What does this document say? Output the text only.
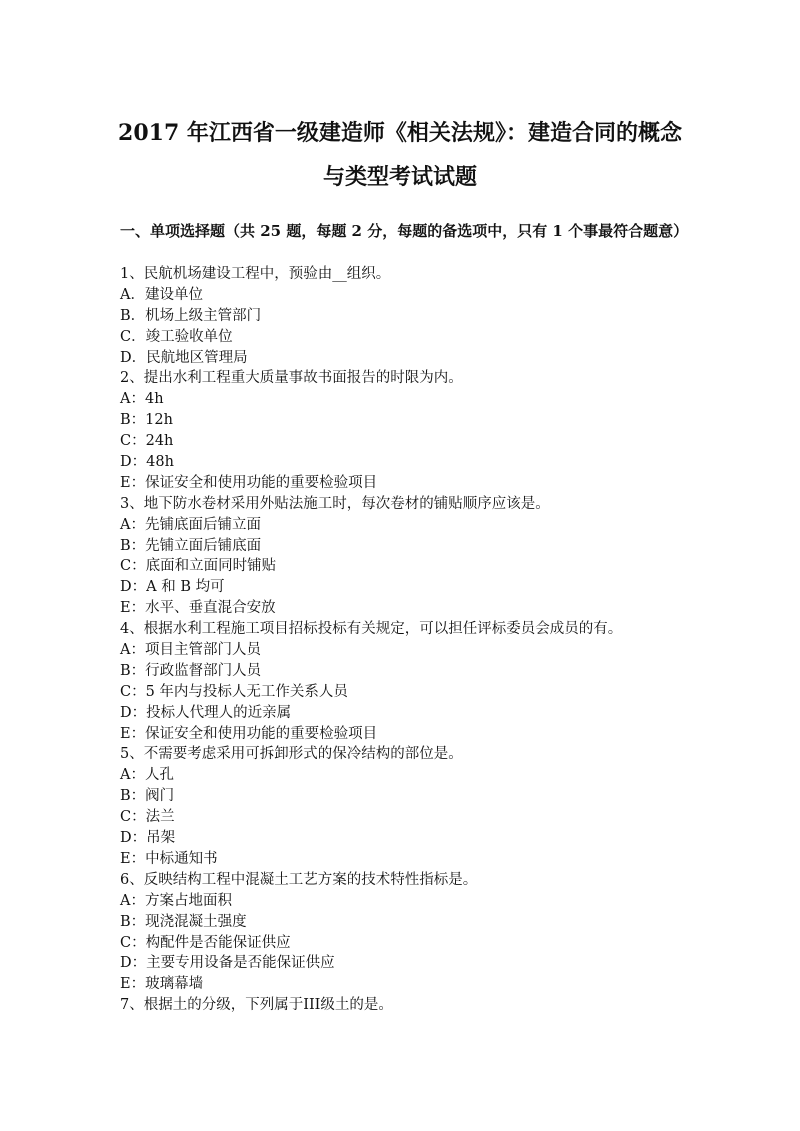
2017 年江西省一级建造师《相关法规》：建造合同的概念
与类型考试试题
一、单项选择题（共 25 题，每题 2 分，每题的备选项中，只有 1 个事最符合题意）
1、民航机场建设工程中，预验由__组织。
A．建设单位
B．机场上级主管部门
C．竣工验收单位
D．民航地区管理局
2、提出水利工程重大质量事故书面报告的时限为内。
A：4h
B：12h
C：24h
D：48h
E：保证安全和使用功能的重要检验项目
3、地下防水卷材采用外贴法施工时，每次卷材的铺贴顺序应该是。
A：先铺底面后铺立面
B：先铺立面后铺底面
C：底面和立面同时铺贴
D：A 和 B 均可
E：水平、垂直混合安放
4、根据水利工程施工项目招标投标有关规定，可以担任评标委员会成员的有。
A：项目主管部门人员
B：行政监督部门人员
C：5 年内与投标人无工作关系人员
D：投标人代理人的近亲属
E：保证安全和使用功能的重要检验项目
5、不需要考虑采用可拆卸形式的保冷结构的部位是。
A：人孔
B：阀门
C：法兰
D：吊架
E：中标通知书
6、反映结构工程中混凝土工艺方案的技术特性指标是。
A：方案占地面积
B：现浇混凝土强度
C：构配件是否能保证供应
D：主要专用设备是否能保证供应
E：玻璃幕墙
7、根据土的分级，下列属于III级土的是。
